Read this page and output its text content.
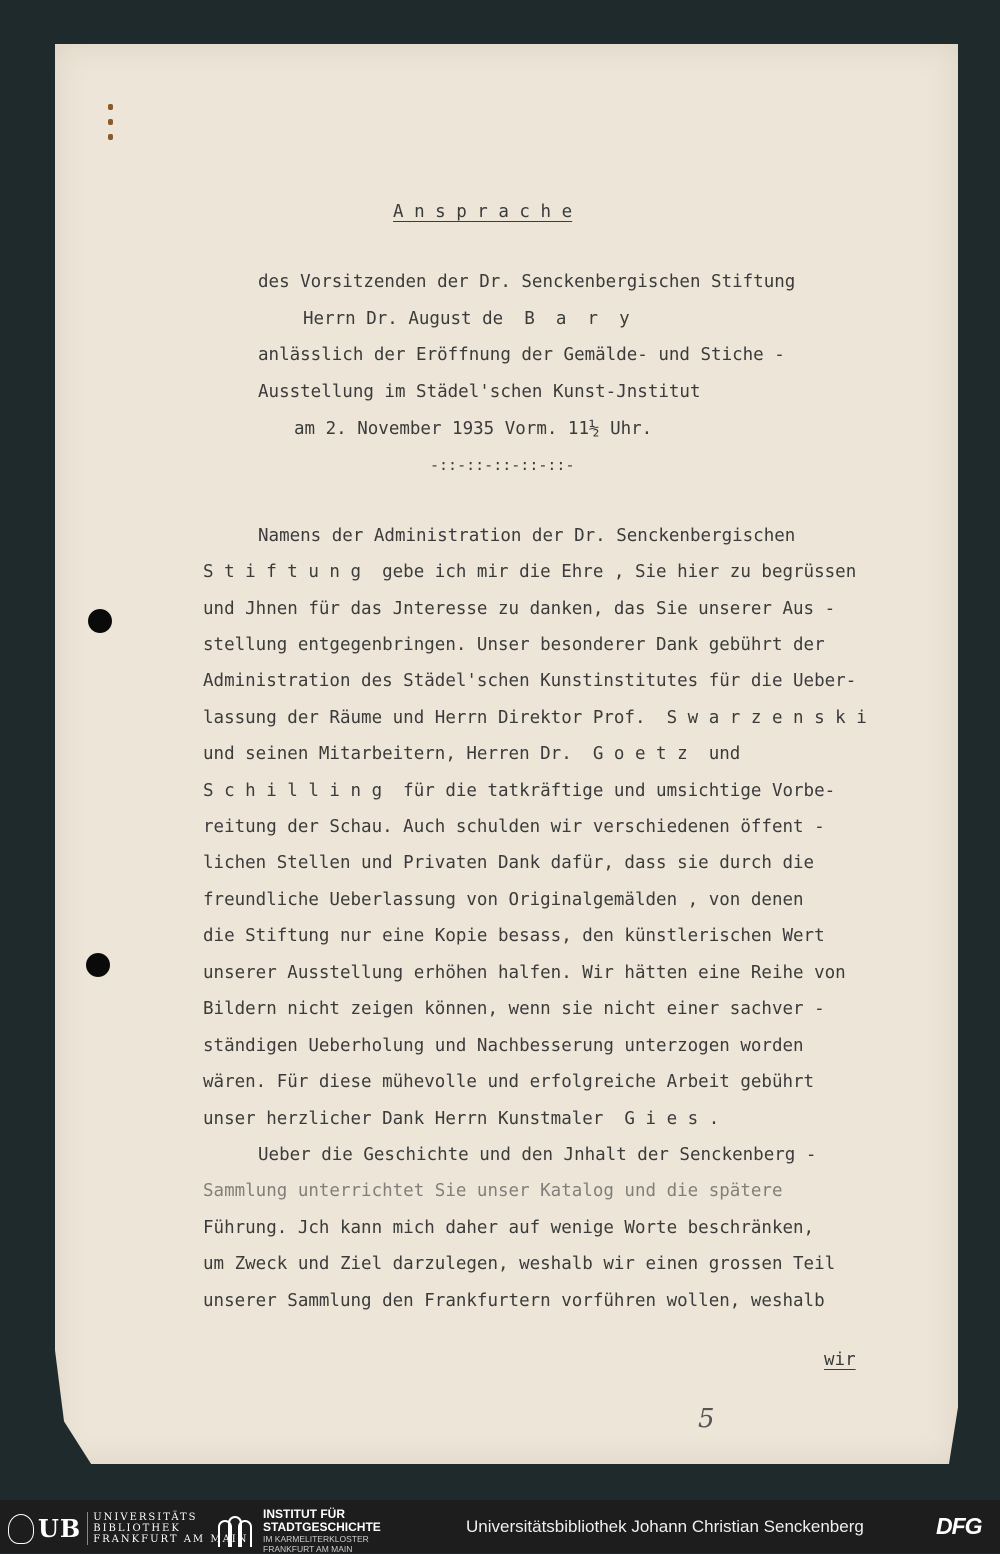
A n s p r a c h e

des Vorsitzenden der Dr. Senckenbergischen Stiftung

Herrn Dr. August de  B  a  r  y

anlässlich der Eröffnung der Gemälde- und Stiche -

Ausstellung im Städel'schen Kunst-Jnstitut

am 2. November 1935 Vorm. 11½ Uhr.

-::-::-::-::-::-

Namens der Administration der Dr. Senckenbergischen

S t i f t u n g  gebe ich mir die Ehre , Sie hier zu begrüssen

und Jhnen für das Jnteresse zu danken, das Sie unserer Aus -

stellung entgegenbringen. Unser besonderer Dank gebührt der

Administration des Städel'schen Kunstinstitutes für die Ueber-

lassung der Räume und Herrn Direktor Prof.  S w a r z e n s k i

und seinen Mitarbeitern, Herren Dr.  G o e t z  und

S c h i l l i n g  für die tatkräftige und umsichtige Vorbe-

reitung der Schau. Auch schulden wir verschiedenen öffent -

lichen Stellen und Privaten Dank dafür, dass sie durch die

freundliche Ueberlassung von Originalgemälden , von denen

die Stiftung nur eine Kopie besass, den künstlerischen Wert

unserer Ausstellung erhöhen halfen. Wir hätten eine Reihe von

Bildern nicht zeigen können, wenn sie nicht einer sachver -

ständigen Ueberholung und Nachbesserung unterzogen worden

wären. Für diese mühevolle und erfolgreiche Arbeit gebührt

unser herzlicher Dank Herrn Kunstmaler  G i e s .

Ueber die Geschichte und den Jnhalt der Senckenberg -

Sammlung unterrichtet Sie unser Katalog und die spätere

Führung. Jch kann mich daher auf wenige Worte beschränken,

um Zweck und Ziel darzulegen, weshalb wir einen grossen Teil

unserer Sammlung den Frankfurtern vorführen wollen, weshalb

wir

5
UB UNIVERSITÄTS
BIBLIOTHEK
FRANKFURT AM MAIN
INSTITUT FÜR
STADTGESCHICHTE
IM KARMELITERKLOSTER
FRANKFURT AM MAIN
Universitätsbibliothek Johann Christian Senckenberg	DFG
